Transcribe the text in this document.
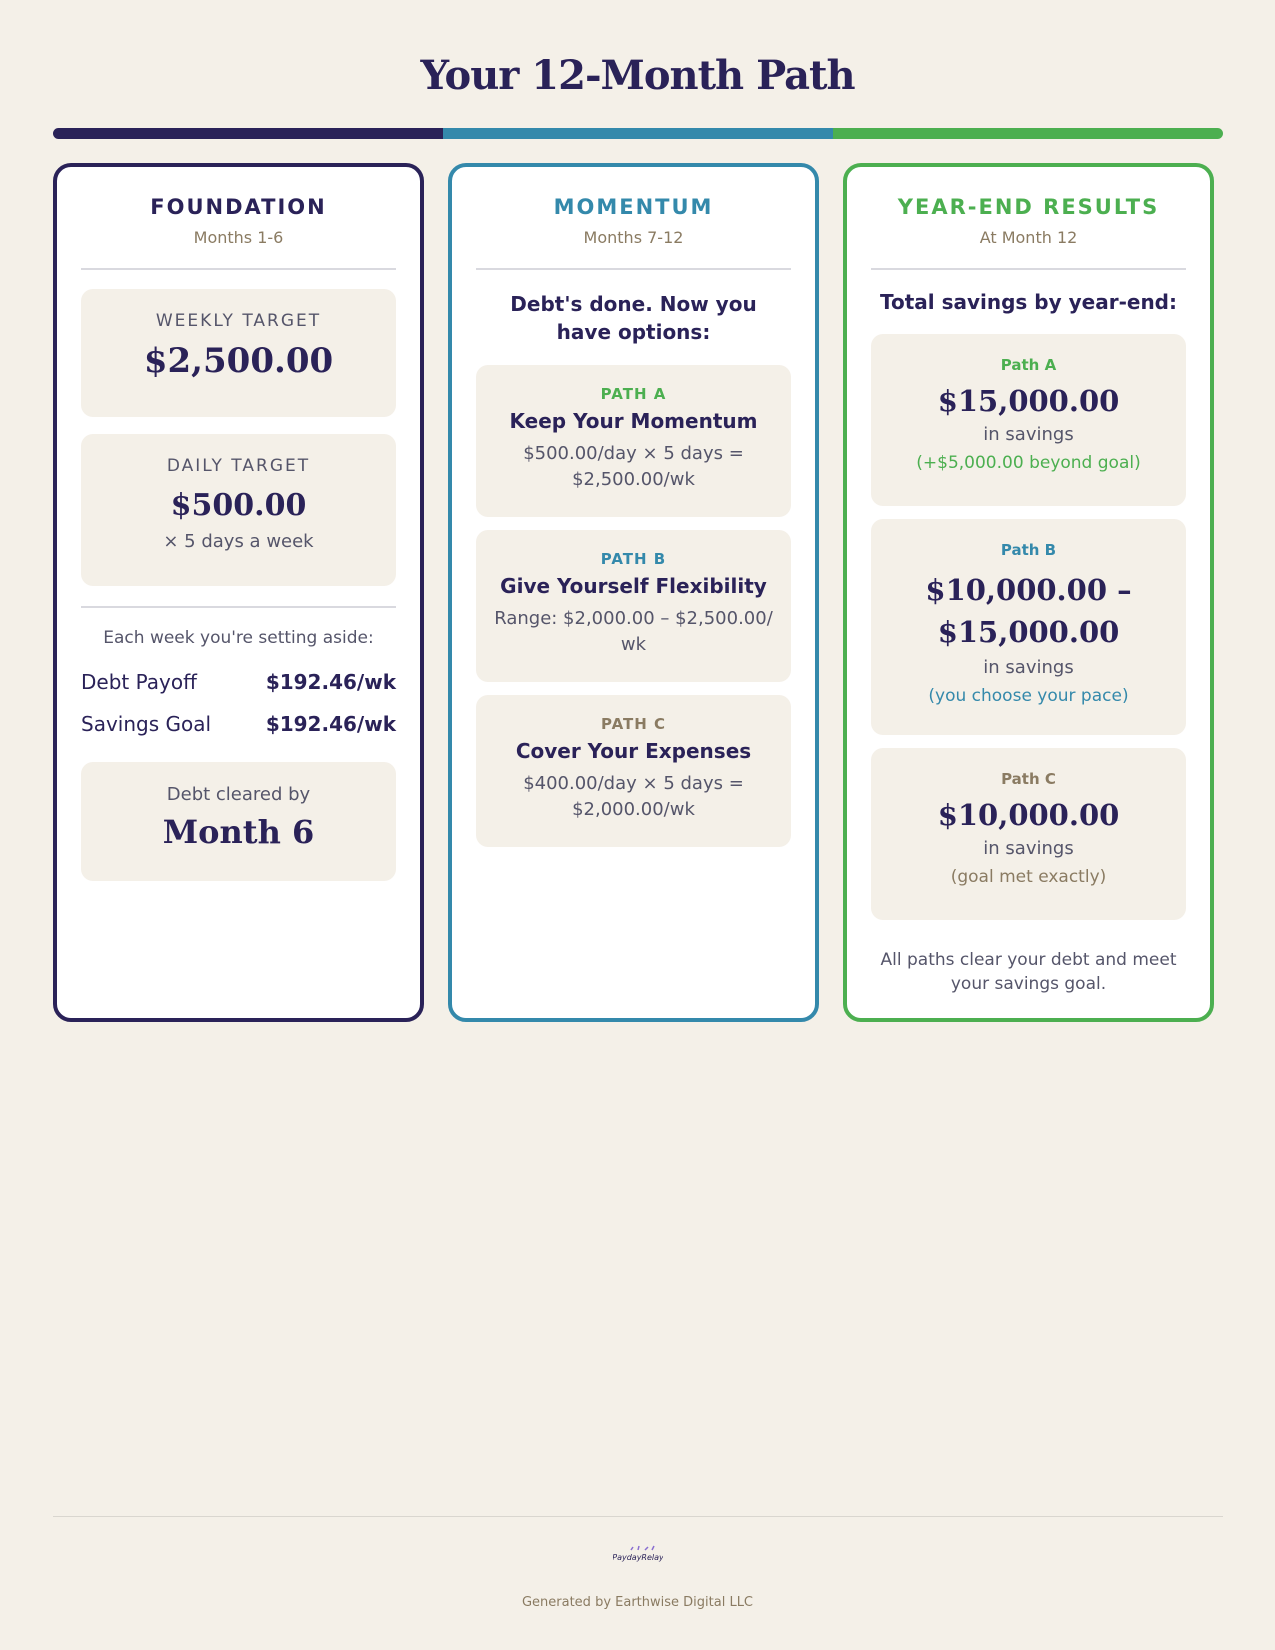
Your 12-Month Path
FOUNDATION
Months 1-6
WEEKLY TARGET
$2,500.00
DAILY TARGET
$500.00
× 5 days a week
Each week you're setting aside:
Debt Payoff	$192.46/wk
Savings Goal	$192.46/wk
Debt cleared by
Month 6
MOMENTUM
Months 7-12
Debt's done. Now you have options:
PATH A
Keep Your Momentum
$500.00/day × 5 days = $2,500.00/wk
PATH B
Give Yourself Flexibility
Range: $2,000.00 – $2,500.00/ wk
PATH C
Cover Your Expenses
$400.00/day × 5 days = $2,000.00/wk
YEAR-END RESULTS
At Month 12
Total savings by year-end:
Path A
$15,000.00
in savings
(+$5,000.00 beyond goal)
Path B
$10,000.00 – $15,000.00
in savings
(you choose your pace)
Path C
$10,000.00
in savings
(goal met exactly)
All paths clear your debt and meet your savings goal.
PaydayRelay
Generated by Earthwise Digital LLC
